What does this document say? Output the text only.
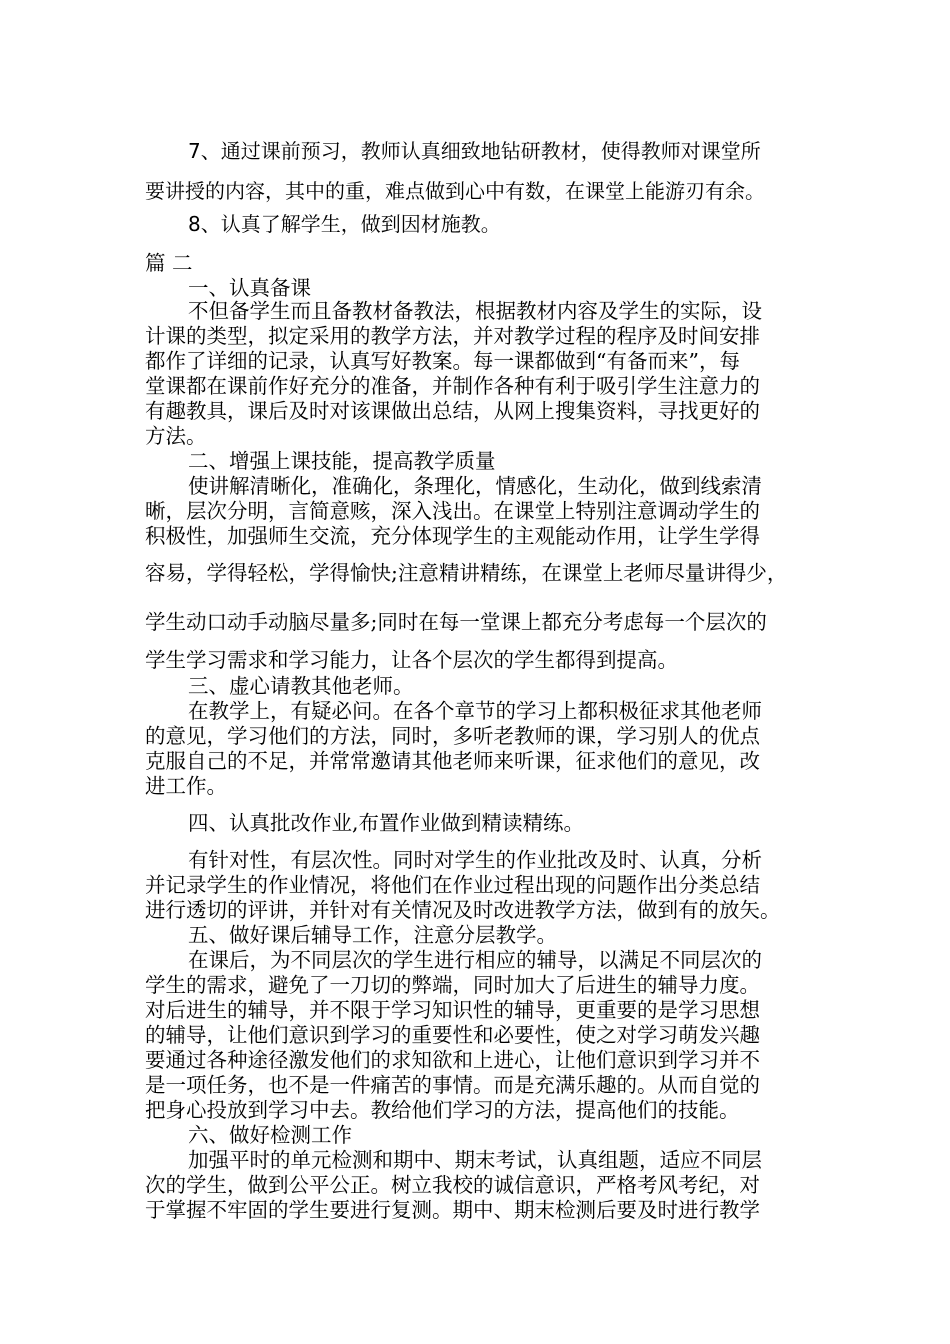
7、通过课前预习，教师认真细致地钻研教材，使得教师对课堂所

要讲授的内容，其中的重，难点做到心中有数，在课堂上能游刃有余。

8、认真了解学生，做到因材施教。

篇 二

一、认真备课

不但备学生而且备教材备教法，根据教材内容及学生的实际，设

计课的类型，拟定采用的教学方法，并对教学过程的程序及时间安排

都作了详细的记录，认真写好教案。每一课都做到“有备而来”，每

堂课都在课前作好充分的准备，并制作各种有利于吸引学生注意力的

有趣教具，课后及时对该课做出总结，从网上搜集资料，寻找更好的

方法。

二、增强上课技能，提高教学质量

使讲解清晰化，准确化，条理化，情感化，生动化，做到线索清

晰，层次分明，言简意赅，深入浅出。在课堂上特别注意调动学生的

积极性，加强师生交流，充分体现学生的主观能动作用，让学生学得

容易，学得轻松，学得愉快;注意精讲精练，在课堂上老师尽量讲得少，

学生动口动手动脑尽量多;同时在每一堂课上都充分考虑每一个层次的

学生学习需求和学习能力，让各个层次的学生都得到提高。

三、虚心请教其他老师。

在教学上，有疑必问。在各个章节的学习上都积极征求其他老师

的意见，学习他们的方法，同时，多听老教师的课，学习别人的优点

克服自己的不足，并常常邀请其他老师来听课，征求他们的意见，改

进工作。

四、认真批改作业,布置作业做到精读精练。

有针对性，有层次性。同时对学生的作业批改及时、认真，分析

并记录学生的作业情况，将他们在作业过程出现的问题作出分类总结

进行透切的评讲，并针对有关情况及时改进教学方法，做到有的放矢。

五、做好课后辅导工作，注意分层教学。

在课后，为不同层次的学生进行相应的辅导，以满足不同层次的

学生的需求，避免了一刀切的弊端，同时加大了后进生的辅导力度。

对后进生的辅导，并不限于学习知识性的辅导，更重要的是学习思想

的辅导，让他们意识到学习的重要性和必要性，使之对学习萌发兴趣

要通过各种途径激发他们的求知欲和上进心，让他们意识到学习并不

是一项任务，也不是一件痛苦的事情。而是充满乐趣的。从而自觉的

把身心投放到学习中去。教给他们学习的方法，提高他们的技能。

六、做好检测工作

加强平时的单元检测和期中、期末考试，认真组题，适应不同层

次的学生，做到公平公正。树立我校的诚信意识，严格考风考纪，对

于掌握不牢固的学生要进行复测。期中、期末检测后要及时进行教学
